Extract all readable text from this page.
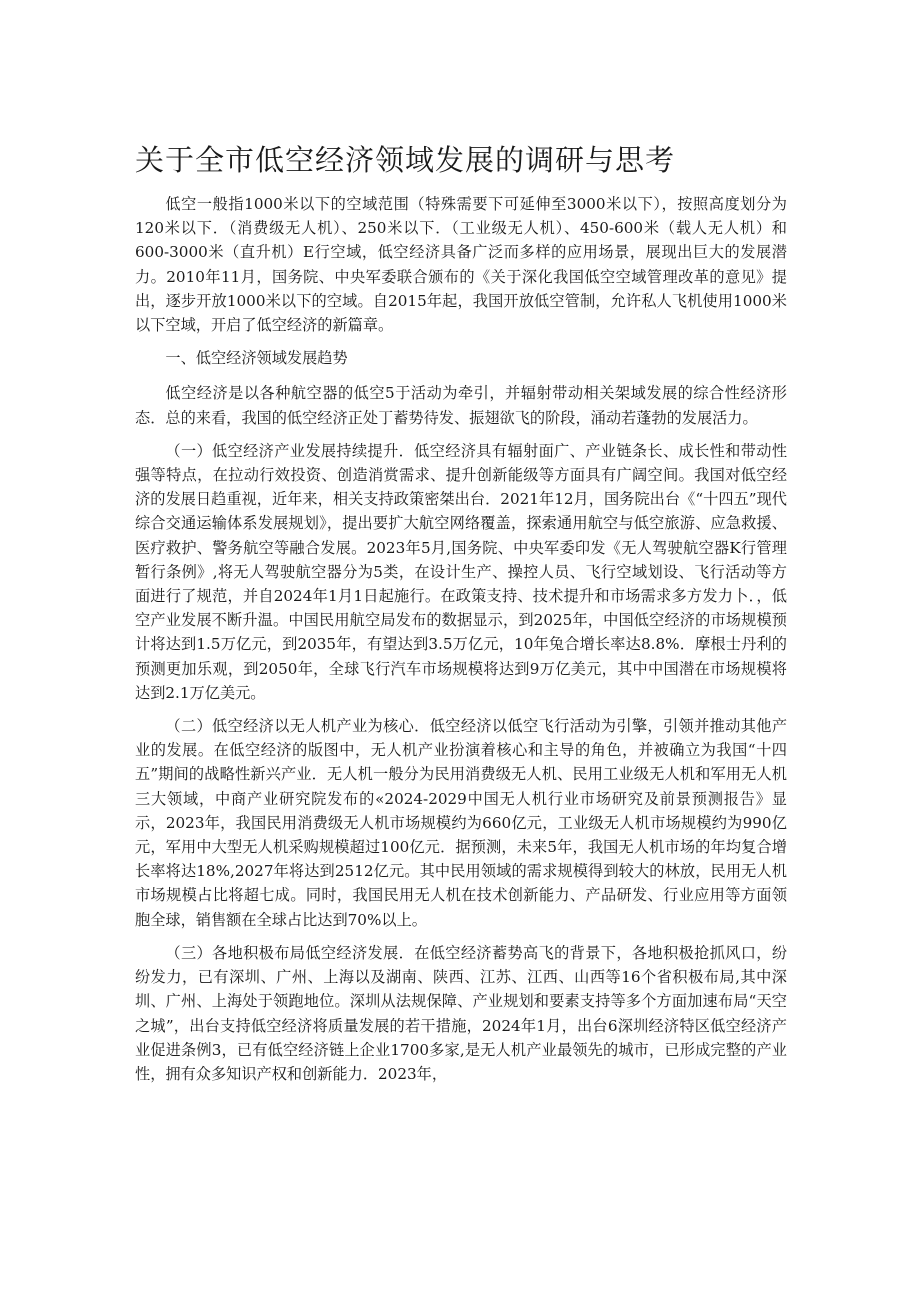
关于全市低空经济领域发展的调研与思考

低空一般指1000米以下的空域范围（特殊需要下可延伸至3000米以下），按照高度划分为120米以下．（消费级无人机）、250米以下．（工业级无人机）、450-600米（载人无人机）和600-3000米（直升机）E行空域，低空经济具备广泛而多样的应用场景，展现出巨大的发展潜力。2010年11月，国务院、中央军委联合颁布的《关于深化我国低空空域管理改革的意见》提出，逐步开放1000米以下的空域。自2015年起，我国开放低空管制，允许私人飞机使用1000米以下空域，开启了低空经济的新篇章。

一、低空经济领域发展趋势

低空经济是以各种航空器的低空5于活动为牵引，并辐射带动相关架域发展的综合性经济形态．总的来看，我国的低空经济正处丁蓄势待发、振翅欲飞的阶段，涌动若蓬勃的发展活力。

（一）低空经济产业发展持续提升．低空经济具有辐射面广、产业链条长、成长性和带动性强等特点，在拉动行效投资、创造消赏需求、提升创新能级等方面具有广阔空间。我国对低空经济的发展日趋重视，近年来，相关支持政策密桀出台．2021年12月，国务院出台《“十四五”现代综合交通运输体系发展规划》，提出要扩大航空网络覆盖，探索通用航空与低空旅游、应急救援、医疗救护、警务航空等融合发展。2023年5月,国务院、中央军委印发《无人驾驶航空器K行管理暂行条例》,将无人驾驶航空器分为5类，在设计生产、操控人员、飞行空域划设、飞行活动等方面进行了规范，并自2024年1月1日起施行。在政策支持、技术提升和市场需求多方发力卜．，低空产业发展不断升温。中国民用航空局发布的数据显示，到2025年，中国低空经济的市场规模预计将达到1.5万亿元，到2035年，有望达到3.5万亿元，10年兔合增长率达8.8%．摩根士丹利的预测更加乐观，到2050年，全球飞行汽车市场规模将达到9万亿美元，其中中国潜在市场规模将达到2.1万亿美元。

（二）低空经济以无人机产业为核心．低空经济以低空飞行活动为引擎，引领并推动其他产业的发展。在低空经济的版图中，无人机产业扮演着核心和主导的角色，并被确立为我国“十四五”期间的战略性新兴产业．无人机一般分为民用消费级无人机、民用工业级无人机和军用无人机三大领域，中商产业研究院发布的«2024-2029中国无人机行业市场研究及前景预测报告》显示，2023年，我国民用消费级无人机市场规模约为660亿元，工业级无人机市场规模约为990亿元，军用中大型无人机采购规模超过100亿元．据预测，未来5年，我国无人机市场的年均复合增长率将达18%,2027年将达到2512亿元。其中民用领域的需求规模得到较大的林放，民用无人机市场规模占比将超七成。同时，我国民用无人机在技术创新能力、产品研发、行业应用等方面领胞全球，销售额在全球占比达到70%以上。

（三）各地积极布局低空经济发展．在低空经济蓄势高飞的背景下，各地积极抢抓风口，纷纷发力，已有深圳、广州、上海以及湖南、陕西、江苏、江西、山西等16个省积极布局,其中深圳、广州、上海处于领跑地位。深圳从法规保障、产业规划和要素支持等多个方面加速布局“天空之城”，出台支持低空经济将质量发展的若干措施，2024年1月，出台6深圳经济特区低空经济产业促进条例3，已有低空经济链上企业1700多家,是无人机产业最领先的城市，已形成完整的产业性，拥有众多知识产权和创新能力．2023年，
